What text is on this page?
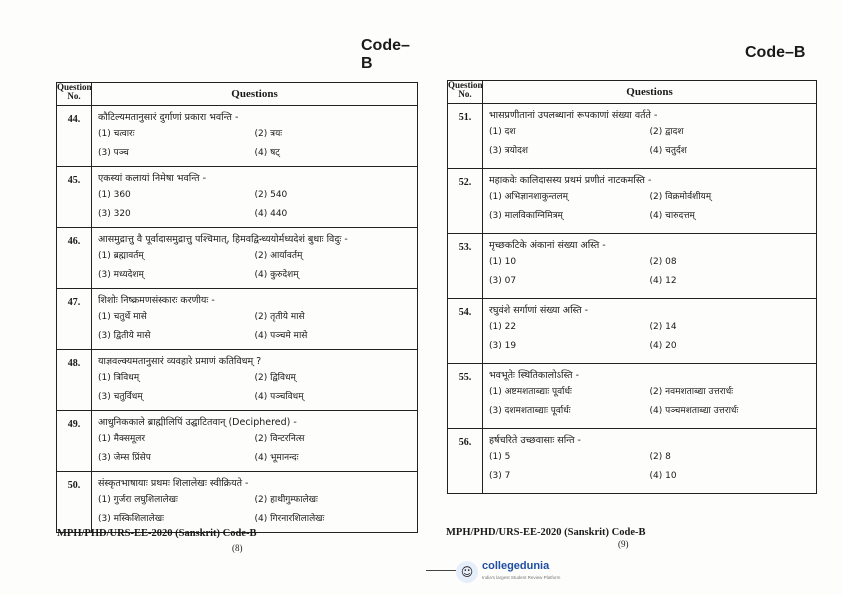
Code–B
Question No.	Questions
44.	कौटिल्यमतानुसारं दुर्गाणां प्रकारा भवन्ति -
(1) चत्वारः (2) त्रयः
(3) पञ्च (4) षट्

45.	एकस्यां कलायां निमेषा भवन्ति -
(1) 360 (2) 540
(3) 320 (4) 440

46.	आसमुद्रात्तु वै पूर्वादासमुद्रात्तु पश्चिमात्, हिमवद्विन्ध्ययोर्मध्यदेशं बुधाः विदुः -
(1) ब्रह्मावर्तम् (2) आर्यावर्तम्
(3) मध्यदेशम् (4) कुरुदेशम्

47.	शिशोः निष्क्रमणसंस्कारः करणीयः -
(1) चतुर्थे मासे (2) तृतीये मासे
(3) द्वितीये मासे (4) पञ्चमे मासे

48.	याज्ञवल्क्यमतानुसारं व्यवहारे प्रमाणं कतिविधम् ?
(1) त्रिविधम् (2) द्विविधम्
(3) चतुर्विधम् (4) पञ्चविधम्

49.	आधुनिककाले ब्राह्मीलिपिं उद्घाटितवान् (Deciphered) -
(1) मैक्समूलर (2) विन्टरनित्स
(3) जेम्स प्रिंसेप (4) भूमानन्दः

50.	संस्कृतभाषायाः प्रथमः शिलालेखः स्वीक्रियते -
(1) गुर्जरा लघुशिलालेखः (2) हाथीगुम्फालेखः
(3) मस्किशिलालेखः (4) गिरनारशिलालेखः
MPH/PHD/URS-EE-2020 (Sanskrit) Code-B
(8)
Code–B
Question No.	Questions
51.	भासप्रणीतानां उपलब्धानां रूपकाणां संख्या वर्तते -
(1) दश (2) द्वादश
(3) त्रयोदश (4) चतुर्दश

52.	महाकवेः कालिदासस्य प्रथमं प्रणीतं नाटकमस्ति -
(1) अभिज्ञानशाकुन्तलम् (2) विक्रमोर्वशीयम्
(3) मालविकाग्निमित्रम् (4) चारुदत्तम्

53.	मृच्छकटिके अंकानां संख्या अस्ति -
(1) 10 (2) 08
(3) 07 (4) 12

54.	रघुवंशे सर्गाणां संख्या अस्ति -
(1) 22 (2) 14
(3) 19 (4) 20

55.	भवभूतेः स्थितिकालोऽस्ति -
(1) अष्टमशताब्द्याः पूर्वार्धः (2) नवमशताब्द्या उत्तरार्धः
(3) दशमशताब्द्याः पूर्वार्धः (4) पञ्चमशताब्द्या उत्तरार्धः

56.	हर्षचरिते उच्छवासाः सन्ति -
(1) 5 (2) 8
(3) 7 (4) 10
MPH/PHD/URS-EE-2020 (Sanskrit) Code-B
(9)
☺ collegedunia
India's largest Student Review Platform
